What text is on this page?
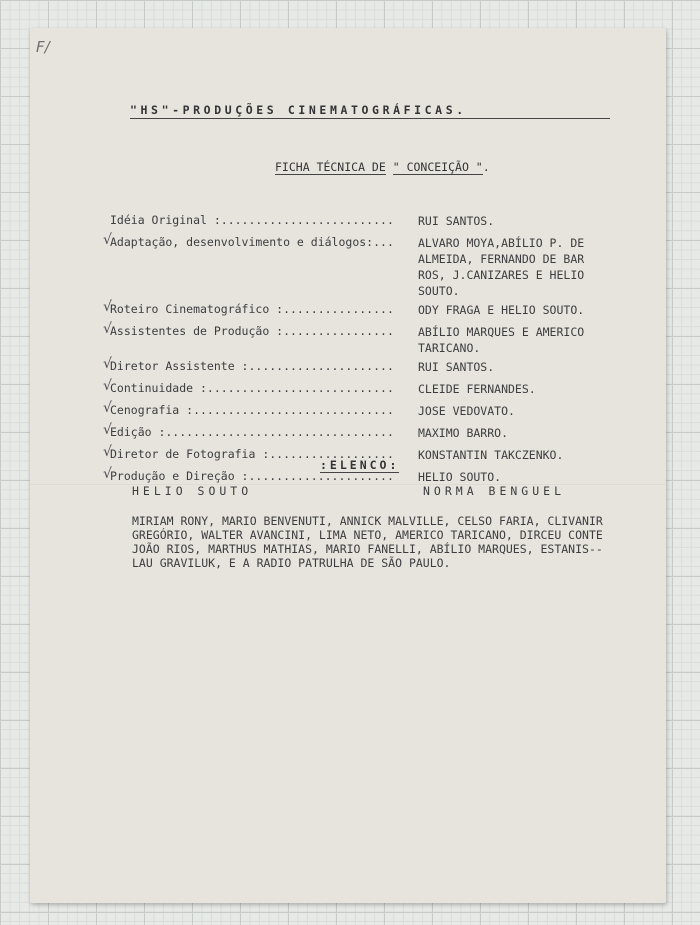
F/
"HS"-PRODUÇÕES CINEMATOGRÁFICAS.
FICHA TÉCNICA DE " CONCEIÇÃO ".
Idéia Original :......................... RUI SANTOS.
√
Adaptação, desenvolvimento e diálogos:... ALVARO MOYA,ABÍLIO P. DE
ALMEIDA, FERNANDO DE BAR
ROS, J.CANIZARES E HELIO
SOUTO.
√
Roteiro Cinematográfico :................ ODY FRAGA E HELIO SOUTO.
√
Assistentes de Produção :................ ABÍLIO MARQUES E AMERICO
TARICANO.
√
Diretor Assistente :..................... RUI SANTOS.
√
Continuidade :........................... CLEIDE FERNANDES.
√
Cenografia :............................. JOSE VEDOVATO.
√
Edição :................................. MAXIMO BARRO.
√
Diretor de Fotografia :.................. KONSTANTIN TAKCZENKO.
√
Produção e Direção :..................... HELIO SOUTO.
:ELENCO:
HELIO SOUTO	NORMA BENGUEL
MIRIAM RONY, MARIO BENVENUTI, ANNICK MALVILLE, CELSO FARIA, CLIVANIR
GREGÓRIO, WALTER AVANCINI, LIMA NETO, AMERICO TARICANO, DIRCEU CONTE
JOÃO RIOS, MARTHUS MATHIAS, MARIO FANELLI, ABÍLIO MARQUES, ESTANIS--
LAU GRAVILUK, E A RADIO PATRULHA DE SÃO PAULO.
